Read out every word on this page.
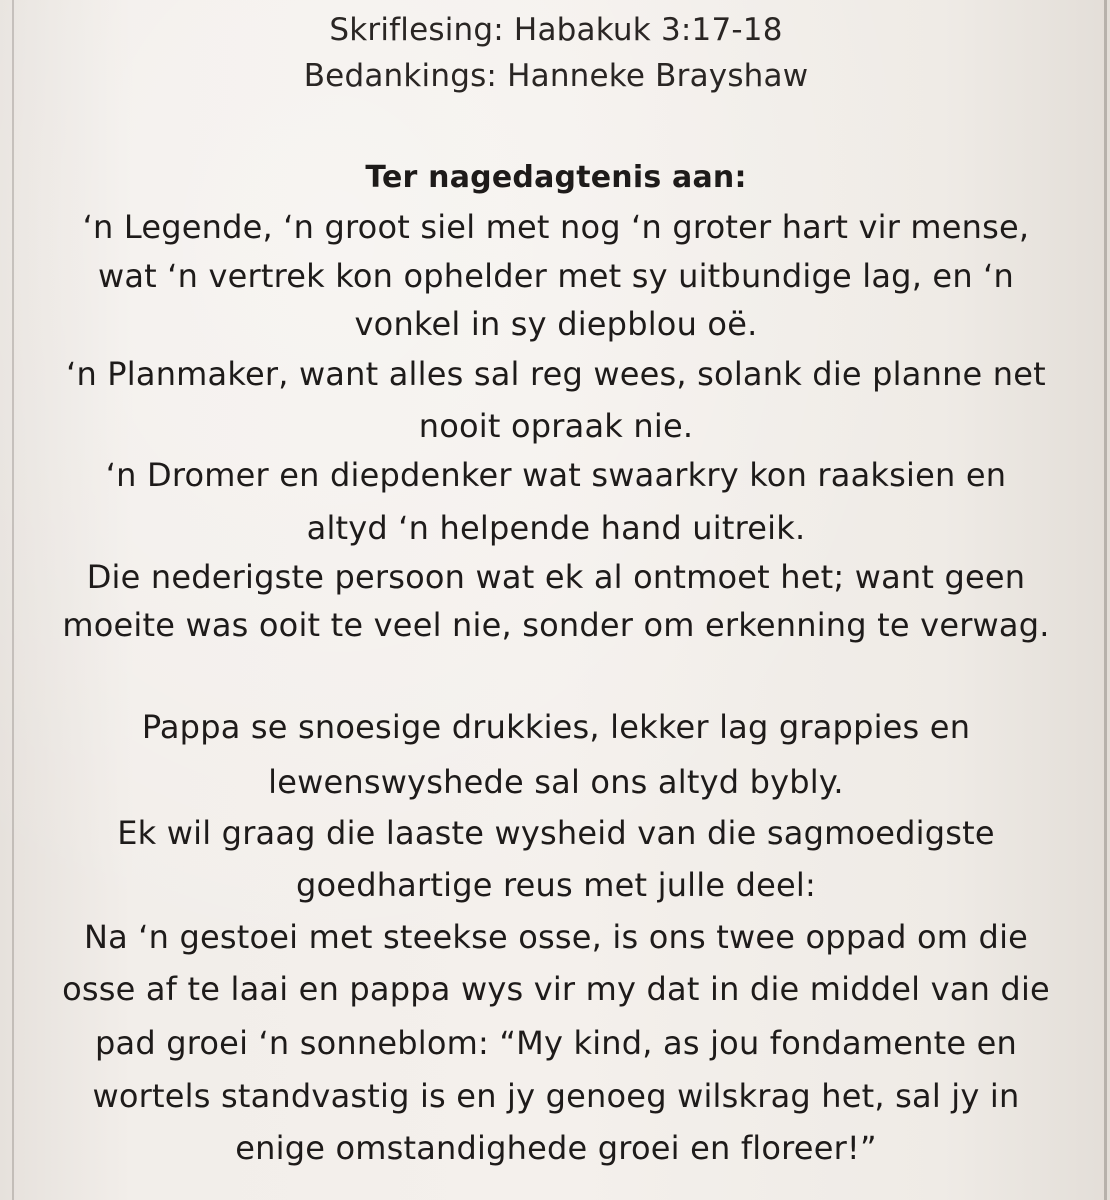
Skriflesing: Habakuk 3:17-18
Bedankings: Hanneke Brayshaw
Ter nagedagtenis aan:
‘n Legende, ‘n groot siel met nog ‘n groter hart vir mense,
wat ‘n vertrek kon ophelder met sy uitbundige lag, en ‘n
vonkel in sy diepblou oë.
‘n Planmaker, want alles sal reg wees, solank die planne net
nooit opraak nie.
‘n Dromer en diepdenker wat swaarkry kon raaksien en
altyd ‘n helpende hand uitreik.
Die nederigste persoon wat ek al ontmoet het; want geen
moeite was ooit te veel nie, sonder om erkenning te verwag.
Pappa se snoesige drukkies, lekker lag grappies en
lewenswyshede sal ons altyd bybly.
Ek wil graag die laaste wysheid van die sagmoedigste
goedhartige reus met julle deel:
Na ‘n gestoei met steekse osse, is ons twee oppad om die
osse af te laai en pappa wys vir my dat in die middel van die
pad groei ‘n sonneblom: “My kind, as jou fondamente en
wortels standvastig is en jy genoeg wilskrag het, sal jy in
enige omstandighede groei en floreer!”
